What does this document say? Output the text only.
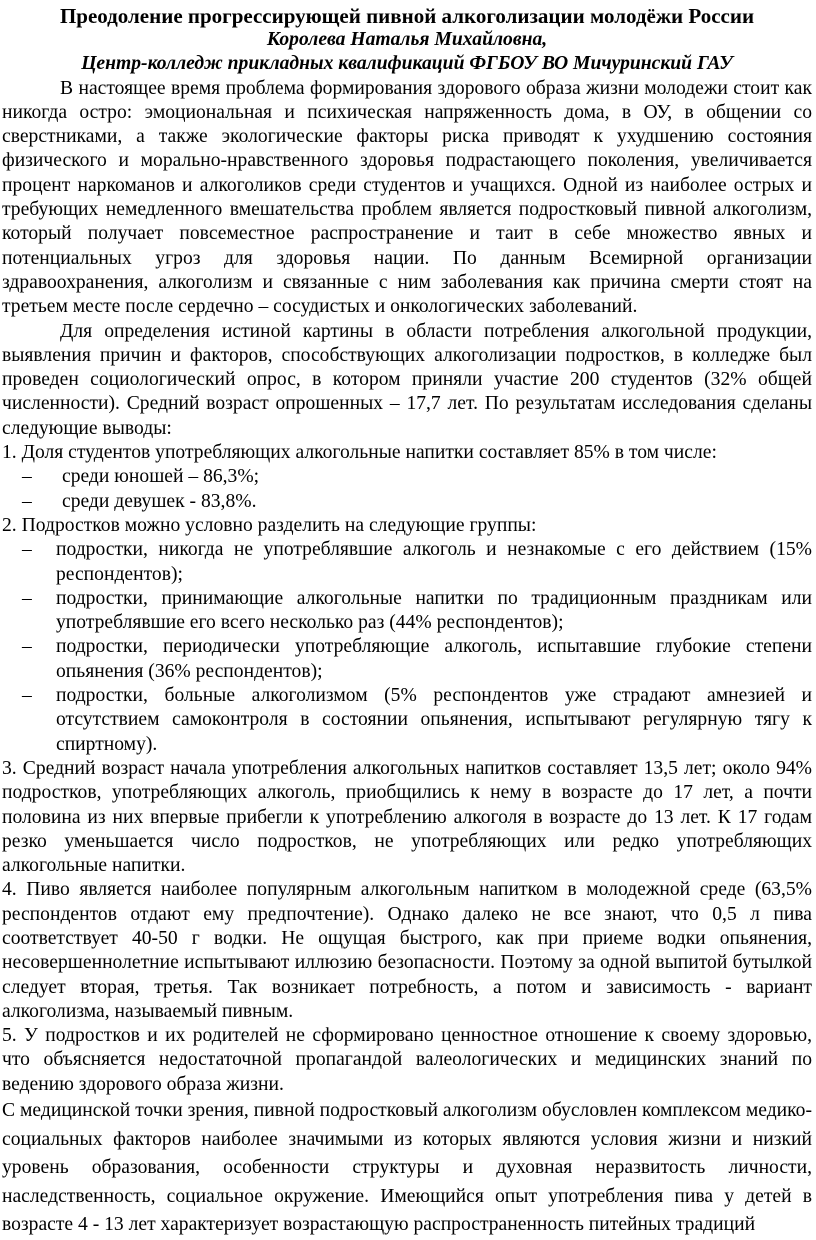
Преодоление прогрессирующей пивной алкоголизации молодёжи России
Королева Наталья Михайловна,
Центр-колледж прикладных квалификаций ФГБОУ ВО Мичуринский ГАУ

В настоящее время проблема формирования здорового образа жизни молодежи стоит как никогда остро: эмоциональная и психическая напряженность дома, в ОУ, в общении со сверстниками, а также экологические факторы риска приводят к ухудшению состояния физического и морально-нравственного здоровья подрастающего поколения, увеличивается процент наркоманов и алкоголиков среди студентов и учащихся. Одной из наиболее острых и требующих немедленного вмешательства проблем является подростковый пивной алкоголизм, который получает повсеместное распространение и таит в себе множество явных и потенциальных угроз для здоровья нации. По данным Всемирной организации здравоохранения, алкоголизм и связанные с ним заболевания как причина смерти стоят на третьем месте после сердечно – сосудистых и онкологических заболеваний.

Для определения истиной картины в области потребления алкогольной продукции, выявления причин и факторов, способствующих алкоголизации подростков, в колледже был проведен социологический опрос, в котором приняли участие 200 студентов (32% общей численности). Средний возраст опрошенных – 17,7 лет. По результатам исследования сделаны следующие выводы:

1. Доля студентов употребляющих алкогольные напитки составляет 85% в том числе:

– среди юношей – 86,3%;
– среди девушек - 83,8%.

2. Подростков можно условно разделить на следующие группы:

– подростки, никогда не употреблявшие алкоголь и незнакомые с его действием (15% респондентов);
– подростки, принимающие алкогольные напитки по традиционным праздникам или употреблявшие его всего несколько раз (44% респондентов);
– подростки, периодически употребляющие алкоголь, испытавшие глубокие степени опьянения (36% респондентов);
– подростки, больные алкоголизмом (5% респондентов уже страдают амнезией и отсутствием самоконтроля в состоянии опьянения, испытывают регулярную тягу к спиртному).

3. Средний возраст начала употребления алкогольных напитков составляет 13,5 лет; около 94% подростков, употребляющих алкоголь, приобщились к нему в возрасте до 17 лет, а почти половина из них впервые прибегли к употреблению алкоголя в возрасте до 13 лет. К 17 годам резко уменьшается число подростков, не употребляющих или редко употребляющих алкогольные напитки.

4. Пиво является наиболее популярным алкогольным напитком в молодежной среде (63,5% респондентов отдают ему предпочтение). Однако далеко не все знают, что 0,5 л пива соответствует 40-50 г водки. Не ощущая быстрого, как при приеме водки опьянения, несовершеннолетние испытывают иллюзию безопасности. Поэтому за одной выпитой бутылкой следует вторая, третья. Так возникает потребность, а потом и зависимость - вариант алкоголизма, называемый пивным.

5. У подростков и их родителей не сформировано ценностное отношение к своему здоровью, что объясняется недостаточной пропагандой валеологических и медицинских знаний по ведению здорового образа жизни.

С медицинской точки зрения, пивной подростковый алкоголизм обусловлен комплексом медико-социальных факторов наиболее значимыми из которых являются условия жизни и низкий уровень образования, особенности структуры и духовная неразвитость личности, наследственность, социальное окружение. Имеющийся опыт употребления пива у детей в возрасте 4 - 13 лет характеризует возрастающую распространенность питейных традиций
